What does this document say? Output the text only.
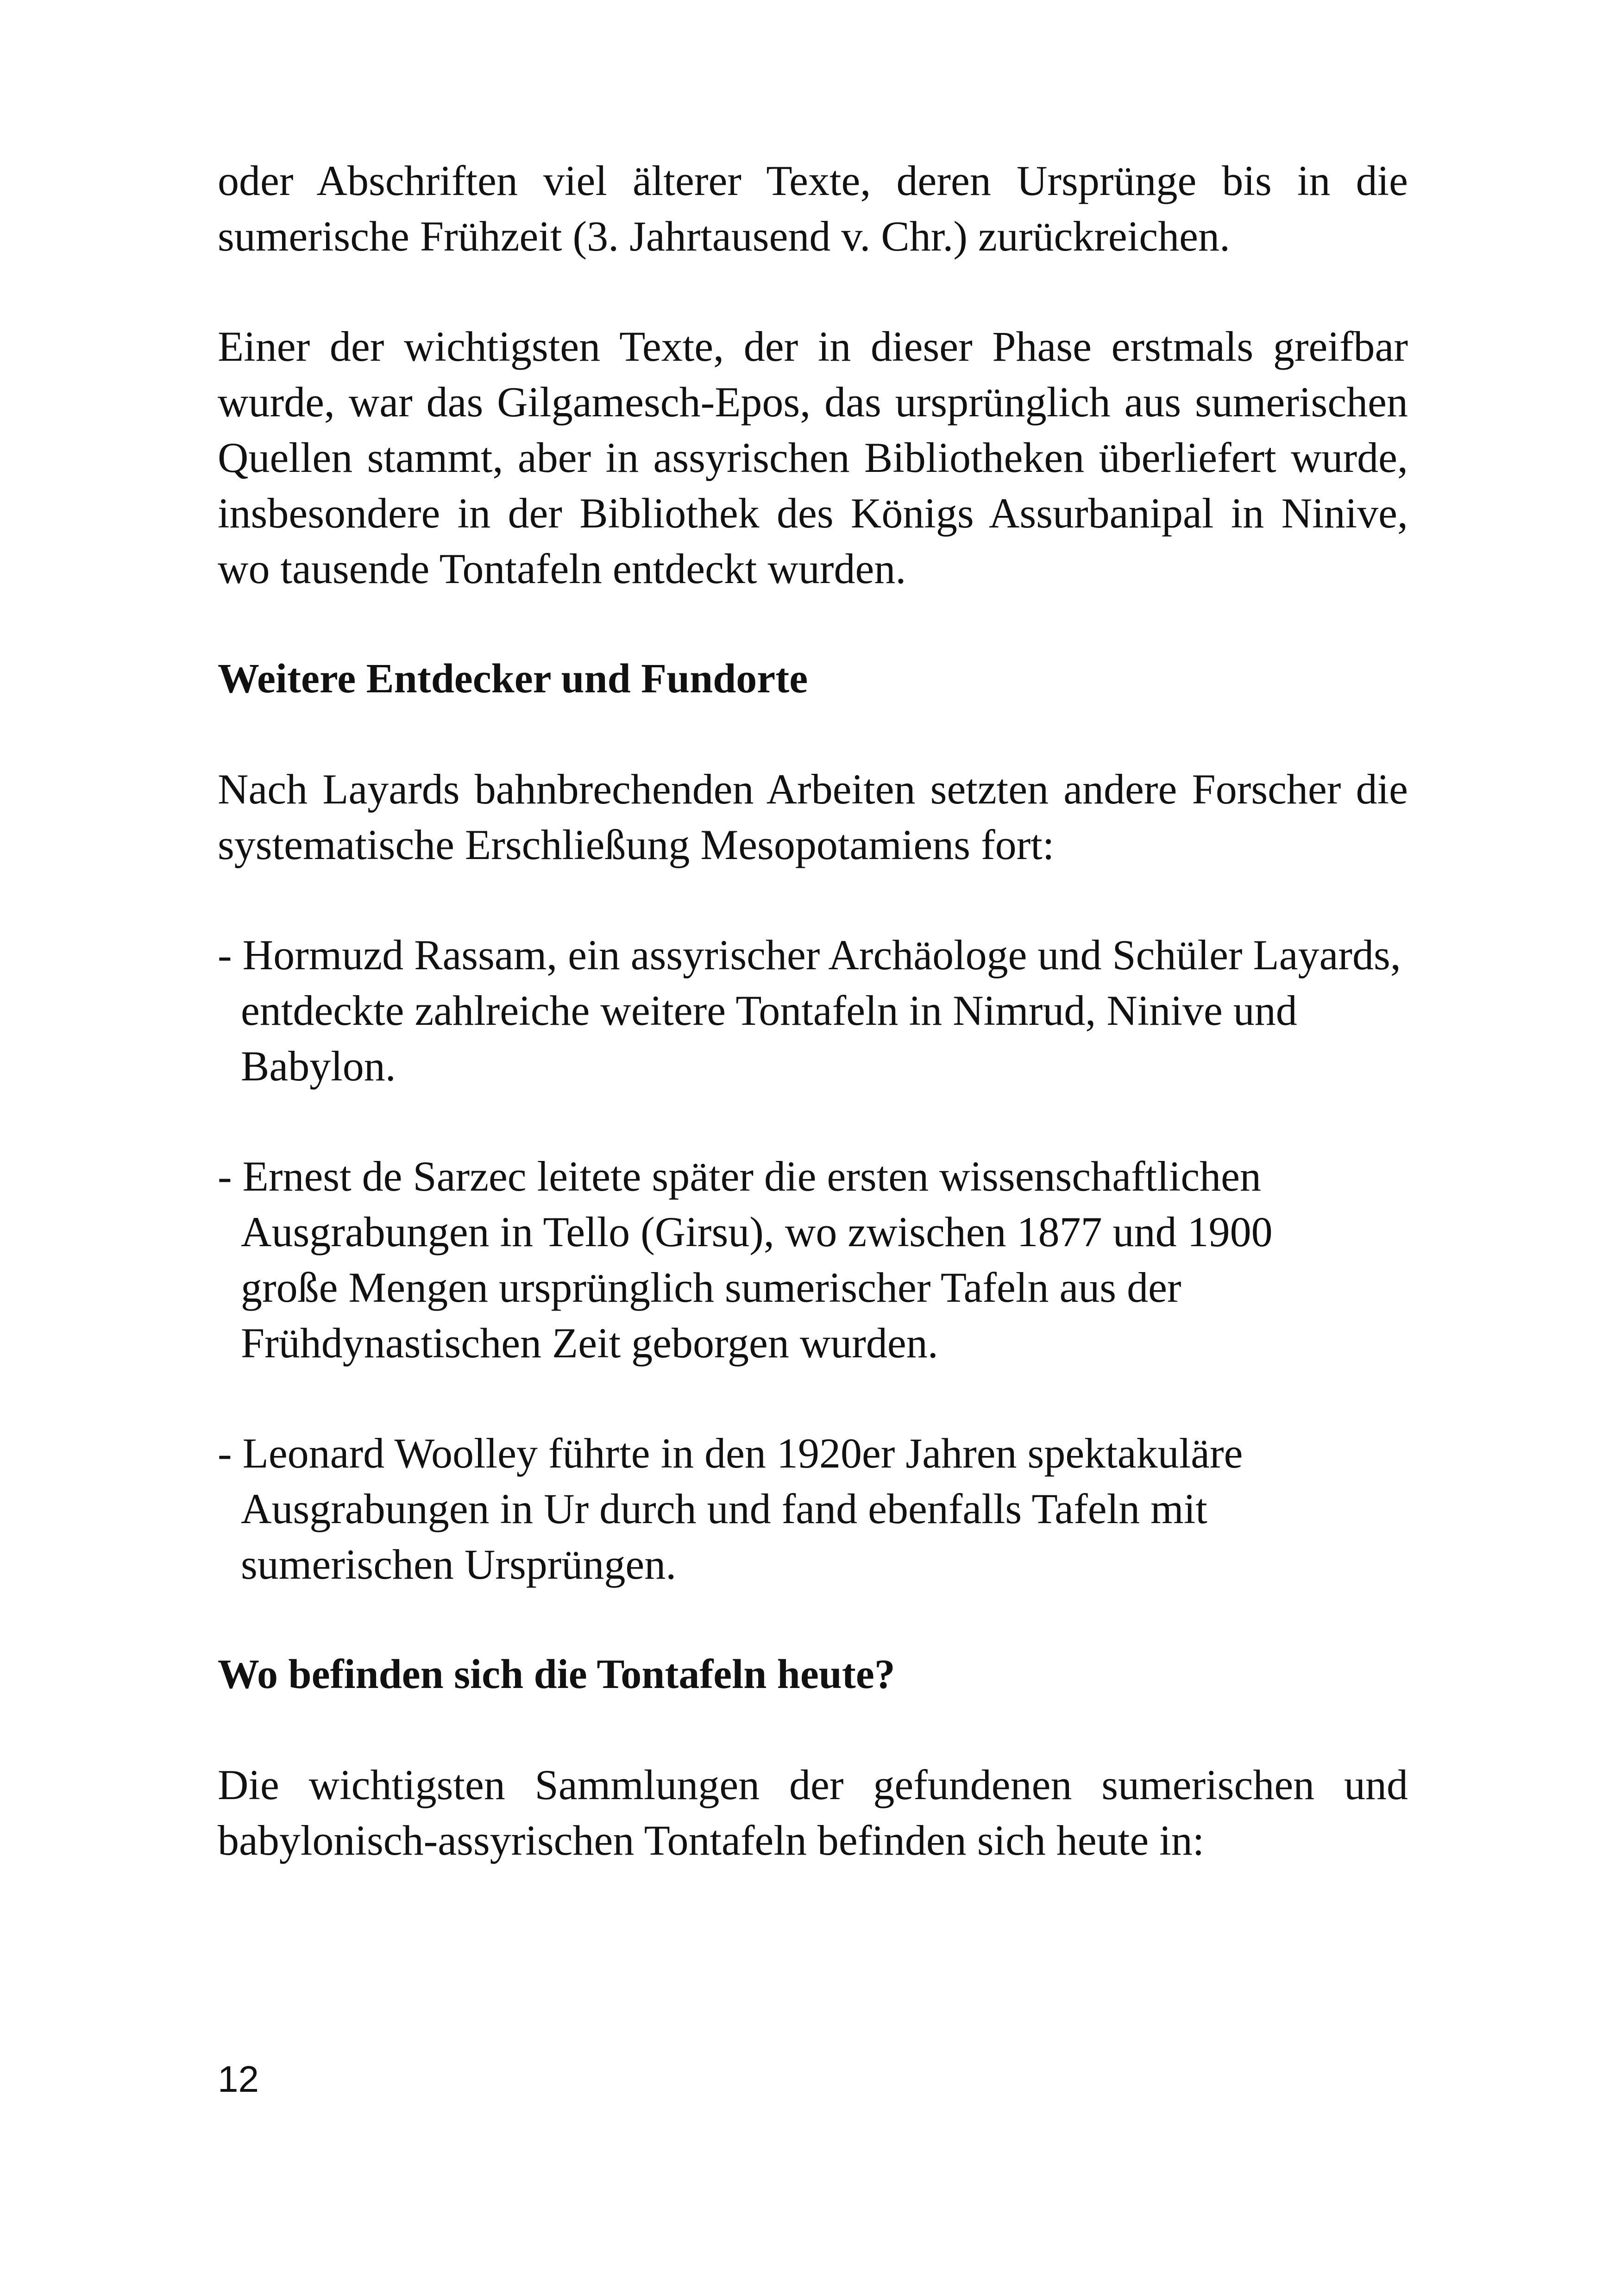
oder Abschriften viel älterer Texte, deren Ursprünge bis in die sumerische Frühzeit (3. Jahrtausend v. Chr.) zurückreichen.

Einer der wichtigsten Texte, der in dieser Phase erstmals greifbar wurde, war das Gilgamesch-Epos, das ursprünglich aus sumerischen Quellen stammt, aber in assyrischen Bibliotheken überliefert wurde, insbesondere in der Bibliothek des Königs Assurbanipal in Ninive, wo tausende Tontafeln entdeckt wurden.

Weitere Entdecker und Fundorte

Nach Layards bahnbrechenden Arbeiten setzten andere Forscher die systematische Erschließung Mesopotamiens fort:

- Hormuzd Rassam, ein assyrischer Archäologe und Schüler Layards, entdeckte zahlreiche weitere Tontafeln in Nimrud, Ninive und Babylon.

- Ernest de Sarzec leitete später die ersten wissenschaftlichen Ausgrabungen in Tello (Girsu), wo zwischen 1877 und 1900 große Mengen ursprünglich sumerischer Tafeln aus der Frühdynastischen Zeit geborgen wurden.

- Leonard Woolley führte in den 1920er Jahren spektakuläre Ausgrabungen in Ur durch und fand ebenfalls Tafeln mit sumerischen Ursprüngen.

Wo befinden sich die Tontafeln heute?

Die wichtigsten Sammlungen der gefundenen sumerischen und babylonisch-assyrischen Tontafeln befinden sich heute in:

12
